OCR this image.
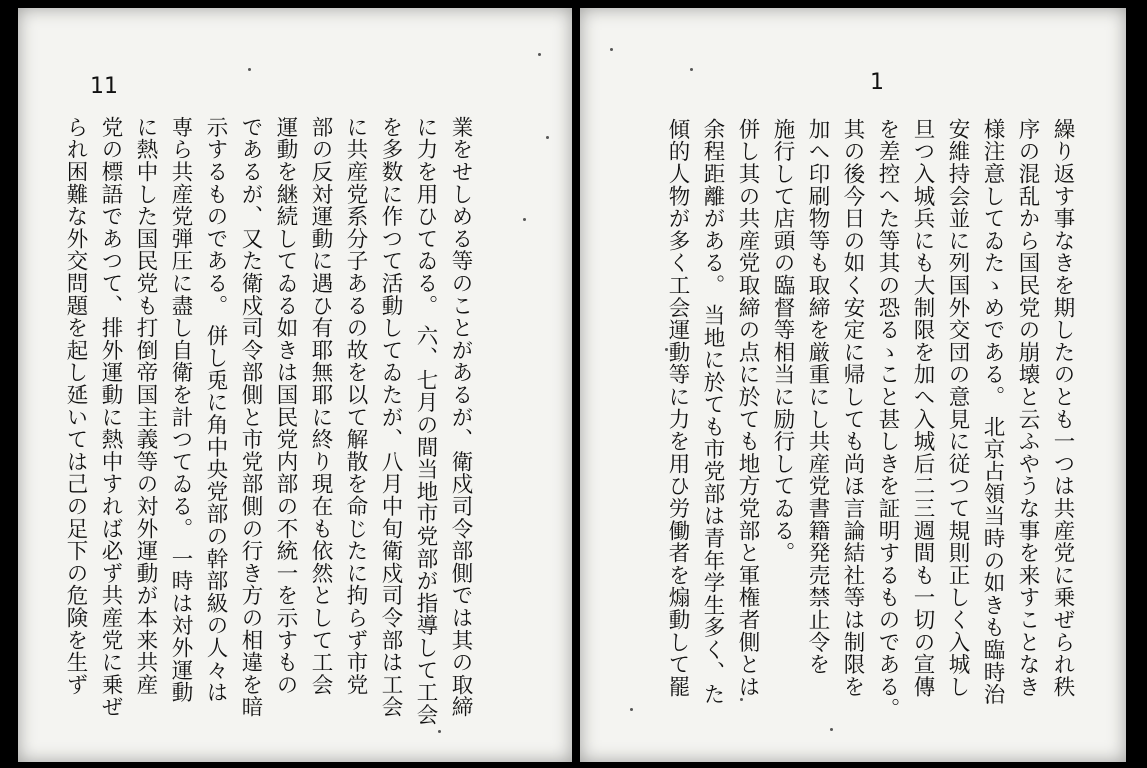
11

業をせしめる等のことがあるが、衛戍司令部側では其の取締

に力を用ひてゐる。 六、七月の間当地市党部が指導して工会

を多数に作つて活動してゐたが、八月中旬衛戍司令部は工会

に共産党系分子あるの故を以て解散を命じたに拘らず市党

部の反対運動に遇ひ有耶無耶に終り現在も依然として工会

運動を継続してゐる如きは国民党内部の不統一を示すもの

であるが、又た衛戍司令部側と市党部側の行き方の相違を暗

示するものである。 併し兎に角中央党部の幹部級の人々は

専ら共産党弾圧に盡し自衛を計つてゐる。 一時は対外運動

に熱中した国民党も打倒帝国主義等の対外運動が本来共産

党の標語であつて、排外運動に熱中すれば必ず共産党に乗ぜ

られ困難な外交問題を起し延いては己の足下の危険を生ず

1

繰り返す事なきを期したのとも一つは共産党に乗ぜられ秩

序の混乱から国民党の崩壊と云ふやうな事を来すことなき

様注意してゐたゝめである。 北京占領当時の如きも臨時治

安維持会並に列国外交団の意見に従つて規則正しく入城し

旦つ入城兵にも大制限を加へ入城后二三週間も一切の宣傳

を差控へた等其の恐るゝこと甚しきを証明するものである。

其の後今日の如く安定に帰しても尚ほ言論結社等は制限を

加へ印刷物等も取締を厳重にし共産党書籍発売禁止令を

施行して店頭の臨督等相当に励行してゐる。

併し其の共産党取締の点に於ても地方党部と軍権者側とは

余程距離がある。 当地に於ても市党部は青年学生多く、た

傾的人物が多く工会運動等に力を用ひ労働者を煽動して罷
